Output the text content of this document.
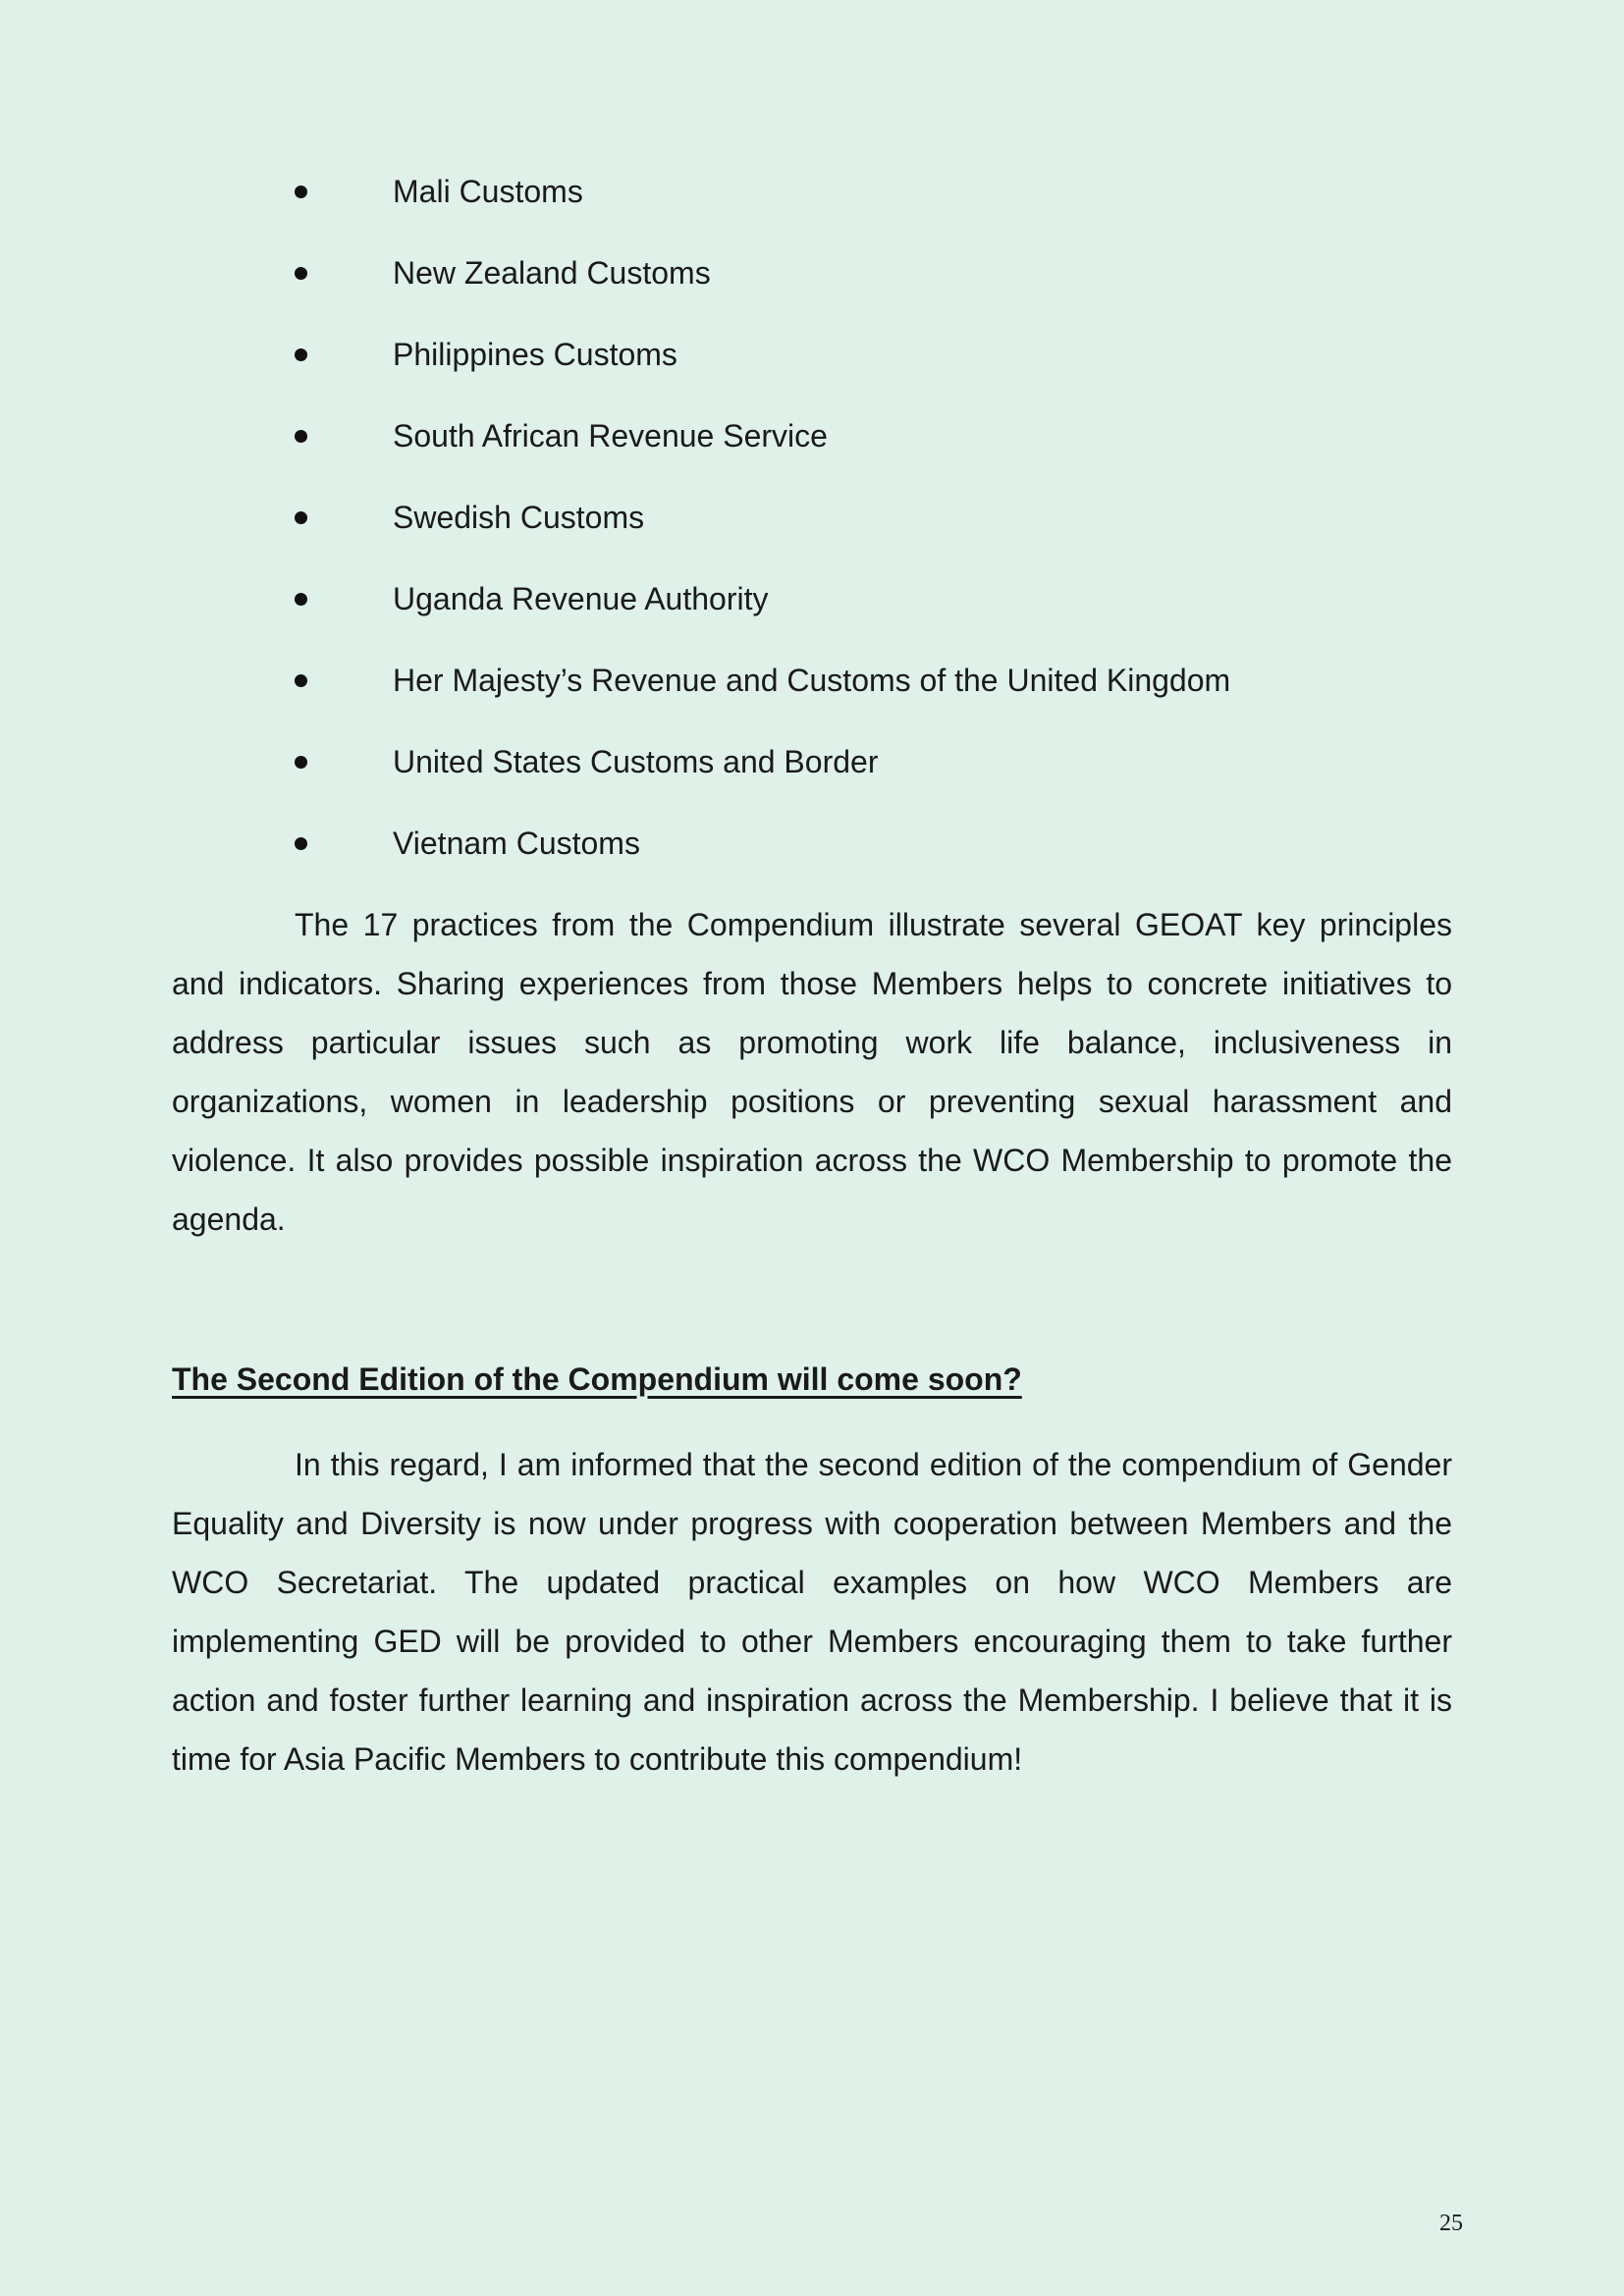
Mali Customs
New Zealand Customs
Philippines Customs
South African Revenue Service
Swedish Customs
Uganda Revenue Authority
Her Majesty’s Revenue and Customs of the United Kingdom
United States Customs and Border
Vietnam Customs

The 17 practices from the Compendium illustrate several GEOAT key principles and indicators. Sharing experiences from those Members helps to concrete initiatives to address particular issues such as promoting work life balance, inclusiveness in organizations, women in leadership positions or preventing sexual harassment and violence. It also provides possible inspiration across the WCO Membership to promote the agenda.

The Second Edition of the Compendium will come soon?

In this regard, I am informed that the second edition of the compendium of Gender Equality and Diversity is now under progress with cooperation between Members and the WCO Secretariat. The updated practical examples on how WCO Members are implementing GED will be provided to other Members encouraging them to take further action and foster further learning and inspiration across the Membership. I believe that it is time for Asia Pacific Members to contribute this compendium!

25
